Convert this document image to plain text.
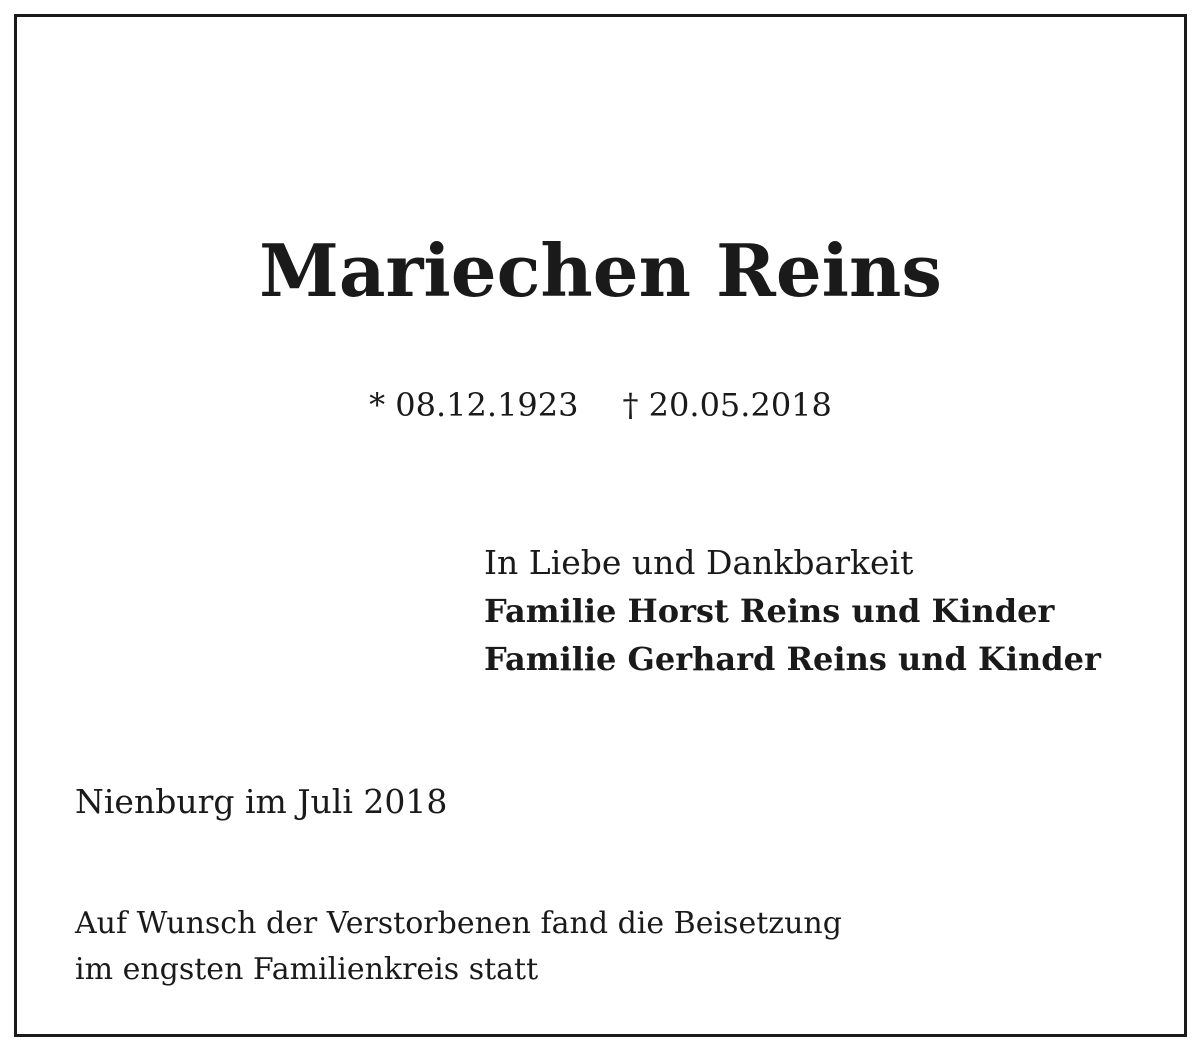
Mariechen Reins
* 08.12.1923 † 20.05.2018
In Liebe und Dankbarkeit
Familie Horst Reins und Kinder
Familie Gerhard Reins und Kinder
Nienburg im Juli 2018
Auf Wunsch der Verstorbenen fand die Beisetzung
im engsten Familienkreis statt
